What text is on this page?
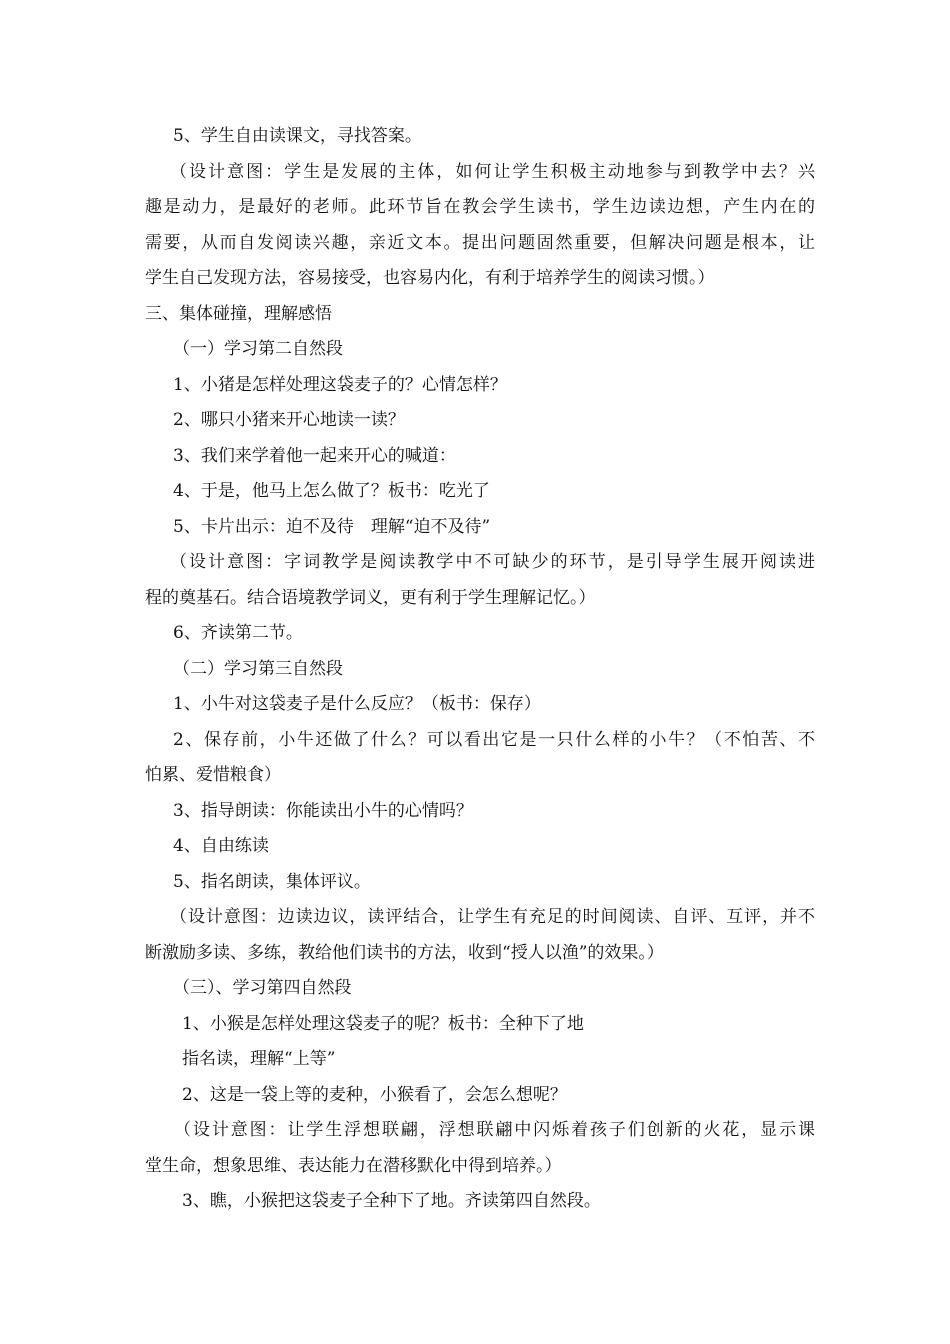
5、学生自由读课文，寻找答案。
（设计意图：学生是发展的主体，如何让学生积极主动地参与到教学中去？兴
趣是动力，是最好的老师。此环节旨在教会学生读书，学生边读边想，产生内在的
需要，从而自发阅读兴趣，亲近文本。提出问题固然重要，但解决问题是根本，让
学生自己发现方法，容易接受，也容易内化，有利于培养学生的阅读习惯。）
三、集体碰撞，理解感悟
（一）学习第二自然段
1、小猪是怎样处理这袋麦子的？心情怎样？
2、哪只小猪来开心地读一读？
3、我们来学着他一起来开心的喊道：
4、于是，他马上怎么做了？板书：吃光了
5、卡片出示：迫不及待　理解“迫不及待”
（设计意图：字词教学是阅读教学中不可缺少的环节，是引导学生展开阅读进
程的奠基石。结合语境教学词义，更有利于学生理解记忆。）
6、齐读第二节。
（二）学习第三自然段
1、小牛对这袋麦子是什么反应？（板书：保存）
2、保存前，小牛还做了什么？可以看出它是一只什么样的小牛？（不怕苦、不
怕累、爱惜粮食）
3、指导朗读：你能读出小牛的心情吗？
4、自由练读
5、指名朗读，集体评议。
（设计意图：边读边议，读评结合，让学生有充足的时间阅读、自评、互评，并不
断激励多读、多练，教给他们读书的方法，收到“授人以渔”的效果。）
（三）、学习第四自然段
1、小猴是怎样处理这袋麦子的呢？板书：全种下了地
指名读，理解“上等”
2、这是一袋上等的麦种，小猴看了，会怎么想呢？
（设计意图：让学生浮想联翩，浮想联翩中闪烁着孩子们创新的火花，显示课
堂生命，想象思维、表达能力在潜移默化中得到培养。）
3、瞧，小猴把这袋麦子全种下了地。齐读第四自然段。
